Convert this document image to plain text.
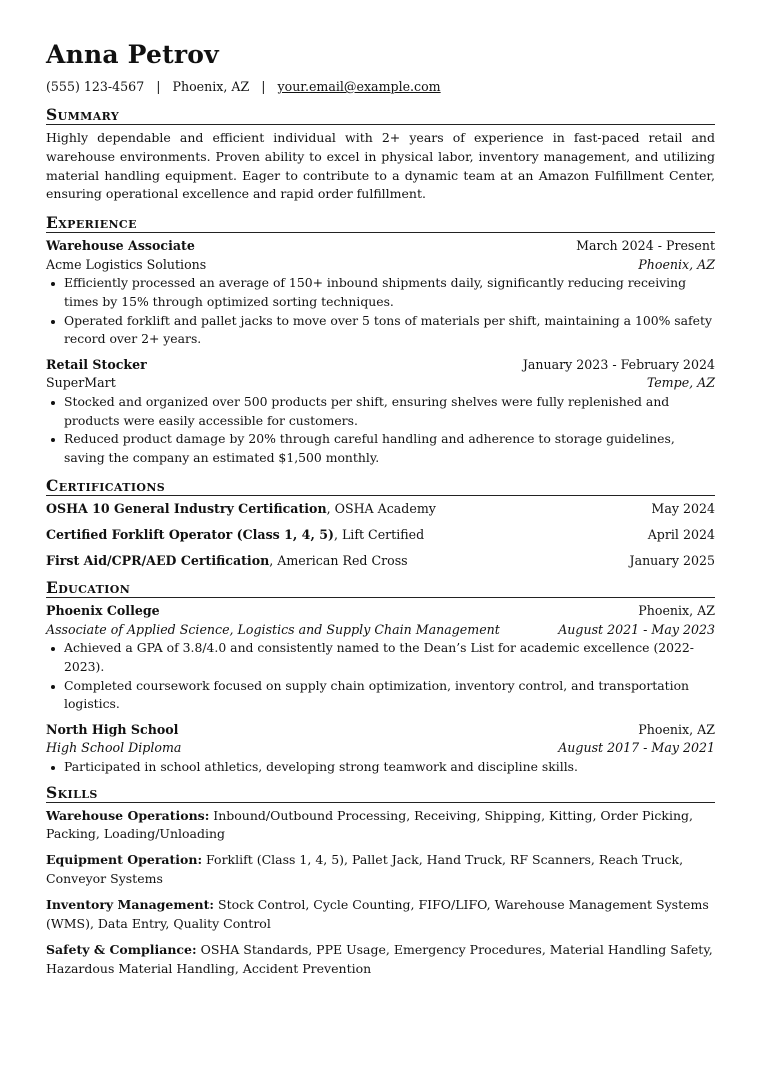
Anna Petrov
(555) 123-4567 | Phoenix, AZ | your.email@example.com
Summary

Highly dependable and efficient individual with 2+ years of experience in fast-paced retail and warehouse environments. Proven ability to excel in physical labor, inventory management, and utilizing material handling equipment. Eager to contribute to a dynamic team at an Amazon Fulfillment Center, ensuring operational excellence and rapid order fulfillment.

Experience
Warehouse Associate	March 2024 - Present
Acme Logistics Solutions	Phoenix, AZ
Efficiently processed an average of 150+ inbound shipments daily, significantly reducing receiving times by 15% through optimized sorting techniques.
Operated forklift and pallet jacks to move over 5 tons of materials per shift, maintaining a 100% safety record over 2+ years.
Retail Stocker	January 2023 - February 2024
SuperMart	Tempe, AZ
Stocked and organized over 500 products per shift, ensuring shelves were fully replenished and products were easily accessible for customers.
Reduced product damage by 20% through careful handling and adherence to storage guidelines, saving the company an estimated $1,500 monthly.
Certifications
OSHA 10 General Industry Certification, OSHA Academy	May 2024
Certified Forklift Operator (Class 1, 4, 5), Lift Certified	April 2024
First Aid/CPR/AED Certification, American Red Cross	January 2025
Education
Phoenix College	Phoenix, AZ
Associate of Applied Science, Logistics and Supply Chain Management	August 2021 - May 2023
Achieved a GPA of 3.8/4.0 and consistently named to the Dean’s List for academic excellence (2022-2023).
Completed coursework focused on supply chain optimization, inventory control, and transportation logistics.
North High School	Phoenix, AZ
High School Diploma	August 2017 - May 2021
Participated in school athletics, developing strong teamwork and discipline skills.
Skills
Warehouse Operations: Inbound/Outbound Processing, Receiving, Shipping, Kitting, Order Picking, Packing, Loading/Unloading
Equipment Operation: Forklift (Class 1, 4, 5), Pallet Jack, Hand Truck, RF Scanners, Reach Truck, Conveyor Systems
Inventory Management: Stock Control, Cycle Counting, FIFO/LIFO, Warehouse Management Systems (WMS), Data Entry, Quality Control
Safety & Compliance: OSHA Standards, PPE Usage, Emergency Procedures, Material Handling Safety, Hazardous Material Handling, Accident Prevention
